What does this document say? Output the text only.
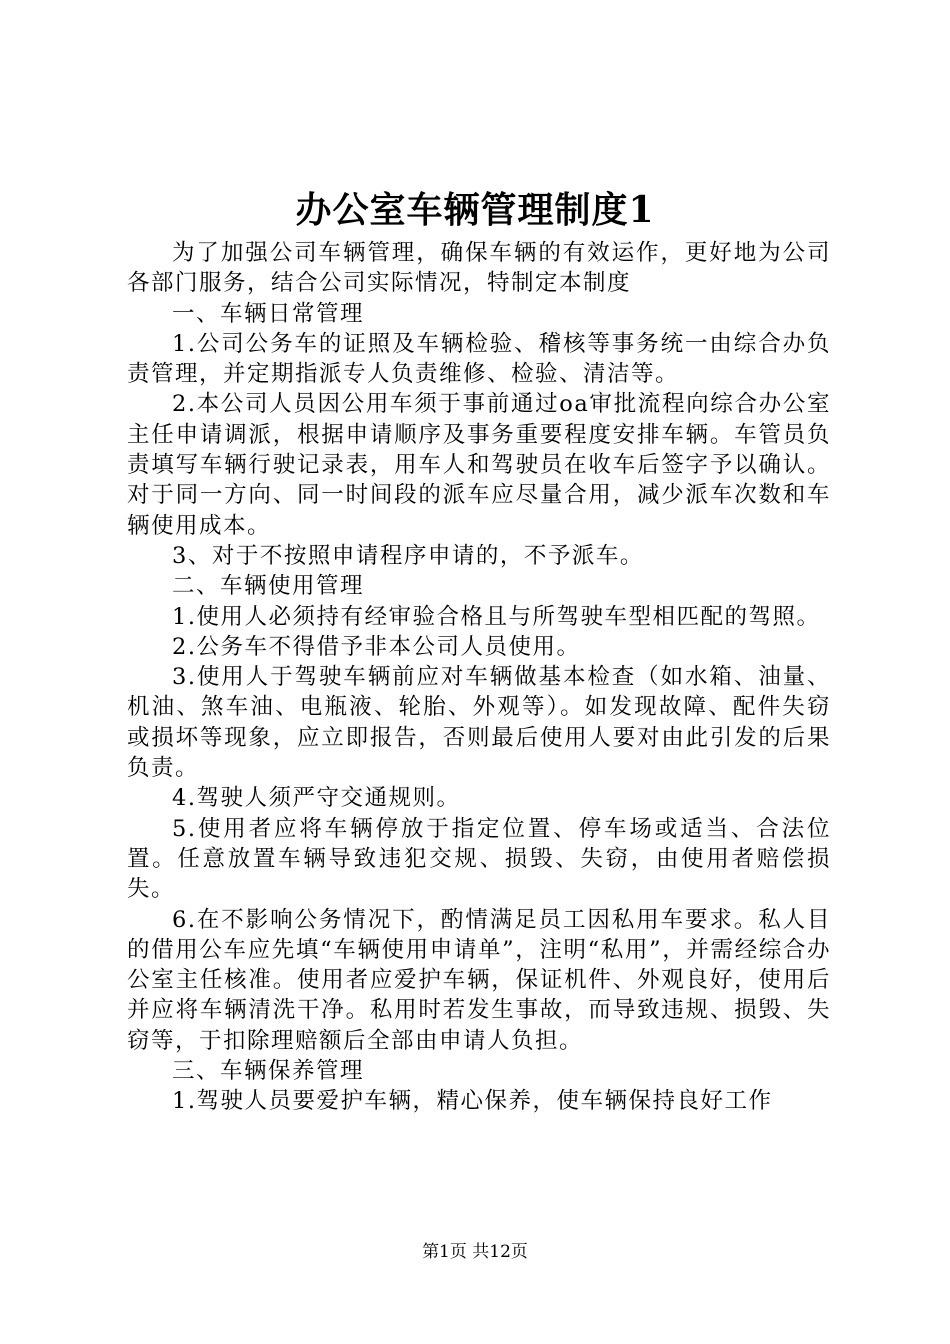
办公室车辆管理制度1

为了加强公司车辆管理，确保车辆的有效运作，更好地为公司各部门服务，结合公司实际情况，特制定本制度

一、车辆日常管理

1.公司公务车的证照及车辆检验、稽核等事务统一由综合办负责管理，并定期指派专人负责维修、检验、清洁等。

2.本公司人员因公用车须于事前通过oa审批流程向综合办公室主任申请调派，根据申请顺序及事务重要程度安排车辆。车管员负责填写车辆行驶记录表，用车人和驾驶员在收车后签字予以确认。对于同一方向、同一时间段的派车应尽量合用，减少派车次数和车辆使用成本。

3、对于不按照申请程序申请的，不予派车。

二、车辆使用管理

1.使用人必须持有经审验合格且与所驾驶车型相匹配的驾照。

2.公务车不得借予非本公司人员使用。

3.使用人于驾驶车辆前应对车辆做基本检查（如水箱、油量、机油、煞车油、电瓶液、轮胎、外观等）。如发现故障、配件失窃或损坏等现象，应立即报告，否则最后使用人要对由此引发的后果负责。

4.驾驶人须严守交通规则。

5.使用者应将车辆停放于指定位置、停车场或适当、合法位置。任意放置车辆导致违犯交规、损毁、失窃，由使用者赔偿损失。

6.在不影响公务情况下，酌情满足员工因私用车要求。私人目的借用公车应先填“车辆使用申请单”，注明“私用”，并需经综合办公室主任核准。使用者应爱护车辆，保证机件、外观良好，使用后并应将车辆清洗干净。私用时若发生事故，而导致违规、损毁、失窃等，于扣除理赔额后全部由申请人负担。

三、车辆保养管理

1.驾驶人员要爱护车辆，精心保养，使车辆保持良好工作

第1页 共12页
